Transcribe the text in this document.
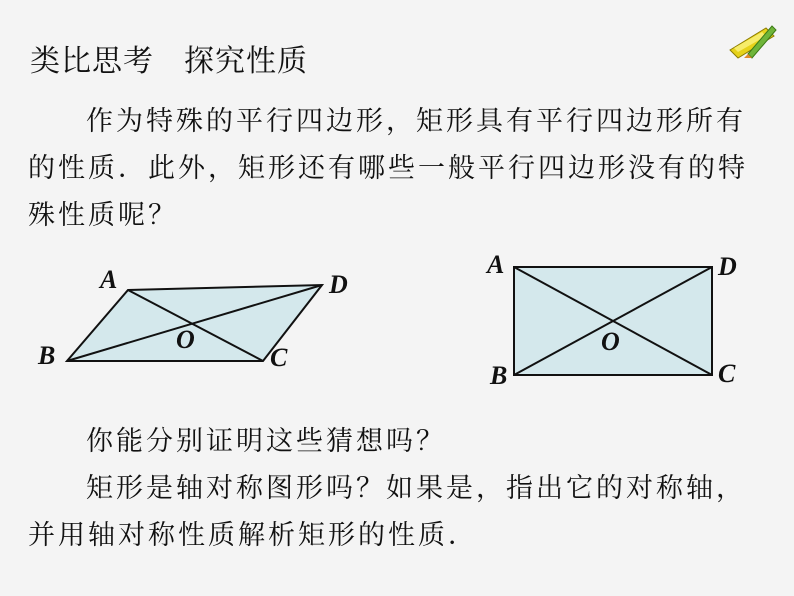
类比思考 探究性质
作为特殊的平行四边形，矩形具有平行四边形所有
的性质．此外，矩形还有哪些一般平行四边形没有的特
殊性质呢？
A	D
B	C
O
A	D
B	C
O
你能分别证明这些猜想吗？
矩形是轴对称图形吗？如果是，指出它的对称轴，
并用轴对称性质解析矩形的性质．
